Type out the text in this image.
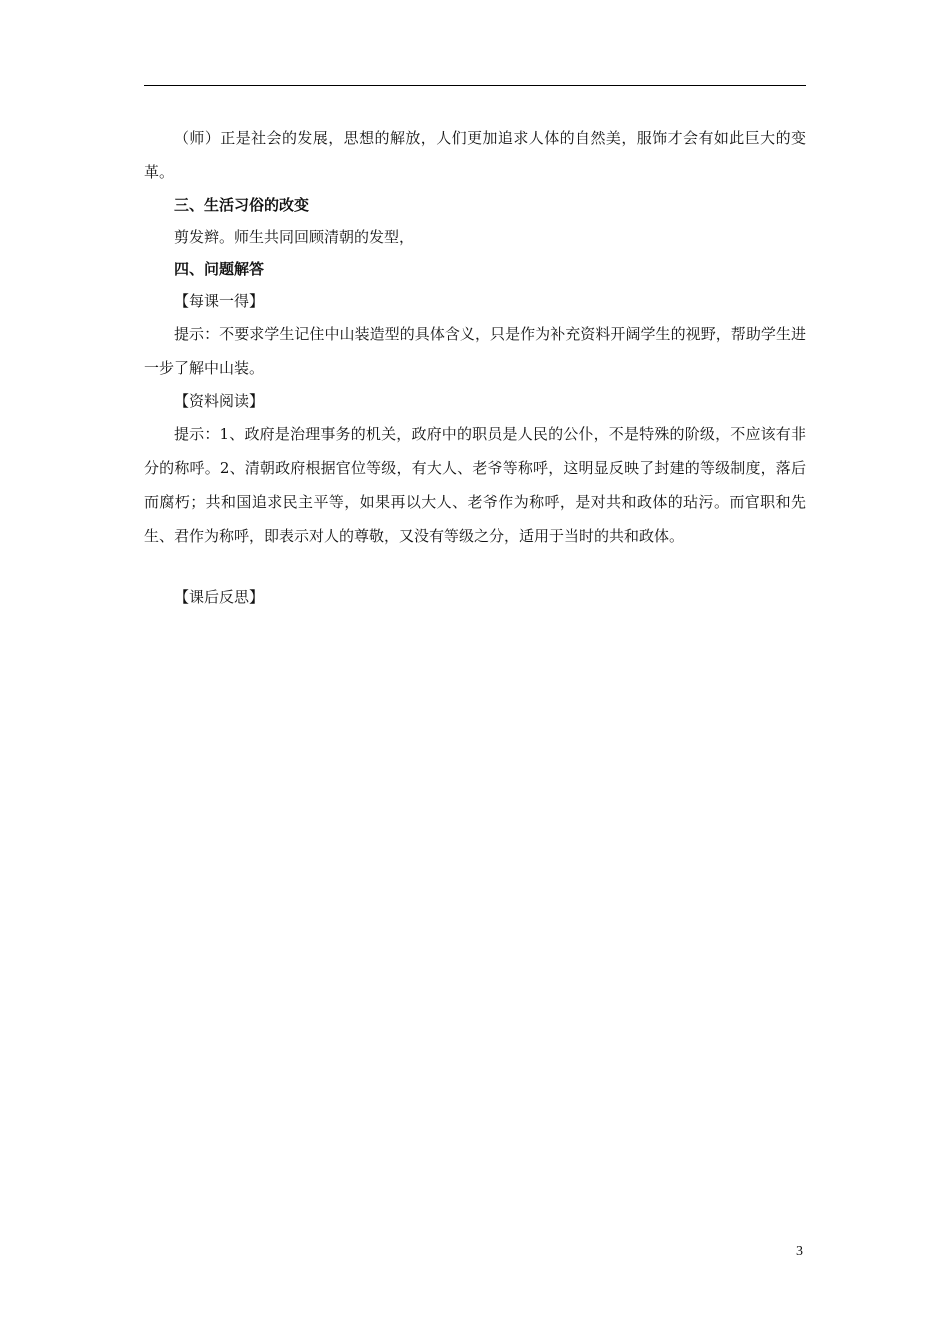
（师）正是社会的发展，思想的解放，人们更加追求人体的自然美，服饰才会有如此巨大的变革。

三、生活习俗的改变

剪发辫。师生共同回顾清朝的发型，

四、问题解答

【每课一得】

提示：不要求学生记住中山装造型的具体含义，只是作为补充资料开阔学生的视野，帮助学生进一步了解中山装。

【资料阅读】

提示：1、政府是治理事务的机关，政府中的职员是人民的公仆，不是特殊的阶级，不应该有非分的称呼。2、清朝政府根据官位等级，有大人、老爷等称呼，这明显反映了封建的等级制度，落后而腐朽；共和国追求民主平等，如果再以大人、老爷作为称呼，是对共和政体的玷污。而官职和先生、君作为称呼，即表示对人的尊敬，又没有等级之分，适用于当时的共和政体。

【课后反思】

3
